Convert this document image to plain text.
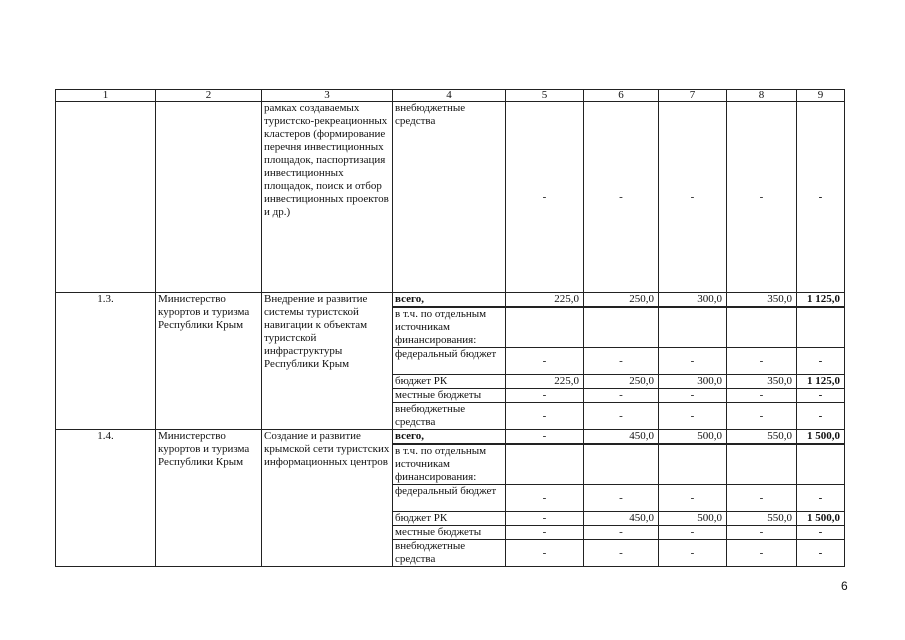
1	2	3	4	5	6	7	8	9
		рамках создаваемых туристско-рекреационных кластеров (формирование перечня инвестиционных площадок, паспортизация инвестиционных площадок, поиск и отбор инвестиционных проектов и др.)	внебюджетные средства	-	-	-	-	-
1.3.	Министерство курортов и туризма Республики Крым	Внедрение и развитие системы туристской навигации к объектам туристской инфраструктуры Республики Крым	всего,	225,0	250,0	300,0	350,0	1 125,0
			в т.ч. по отдельным источникам финансирования:					
			федеральный бюджет	-	-	-	-	-
			бюджет РК	225,0	250,0	300,0	350,0	1 125,0
			местные бюджеты	-	-	-	-	-
			внебюджетные средства	-	-	-	-	-
1.4.	Министерство курортов и туризма Республики Крым	Создание и развитие крымской сети туристских информационных центров	всего,	-	450,0	500,0	550,0	1 500,0
			в т.ч. по отдельным источникам финансирования:					
			федеральный бюджет	-	-	-	-	-
			бюджет РК	-	450,0	500,0	550,0	1 500,0
			местные бюджеты	-	-	-	-	-
			внебюджетные средства	-	-	-	-	-
6
